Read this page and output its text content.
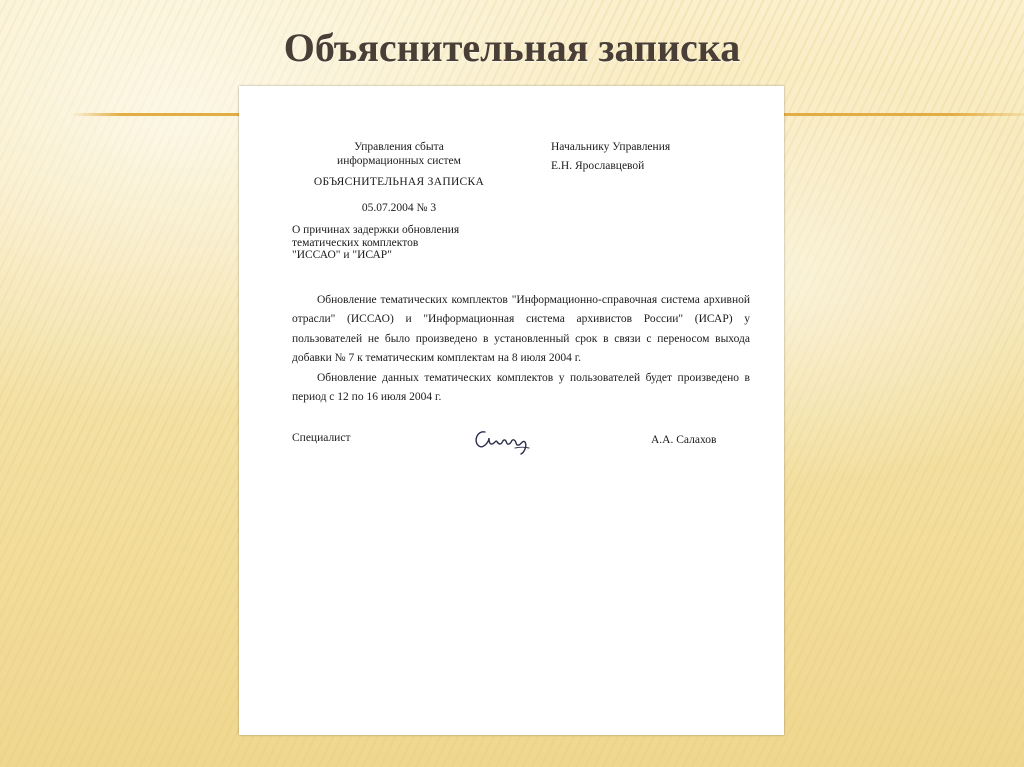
Объяснительная записка
Управления сбыта
информационных систем
Начальнику Управления
Е.Н. Ярославцевой
ОБЪЯСНИТЕЛЬНАЯ ЗАПИСКА
05.07.2004 № 3
О причинах задержки обновления
тематических комплектов
"ИССАО" и "ИСАР"

Обновление тематических комплектов "Информационно-справочная система архивной отрасли" (ИССАО) и "Информационная система архивистов России" (ИСАР) у пользователей не было произведено в установленный срок в связи с переносом выхода добавки № 7 к тематическим комплектам на 8 июля 2004 г.

Обновление данных тематических комплектов у пользователей будет произведено в период с 12 по 16 июля 2004 г.

Специалист	А.А. Салахов
